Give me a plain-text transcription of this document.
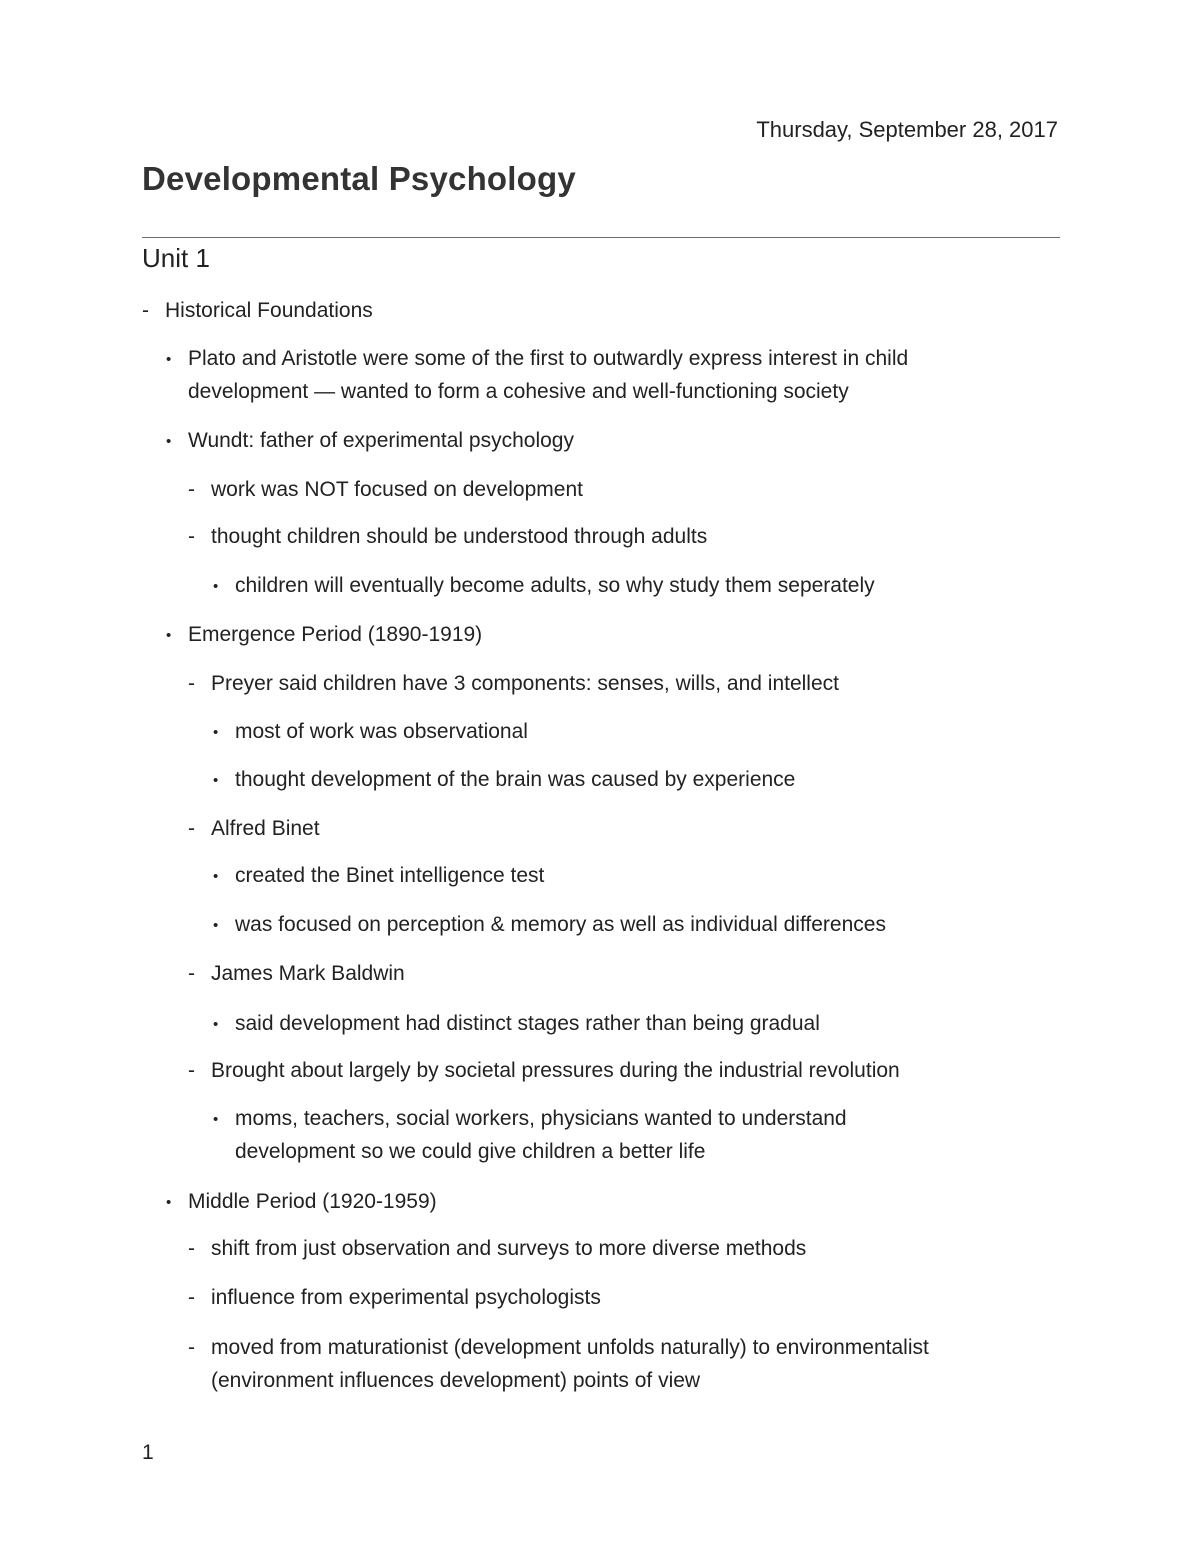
Thursday, September 28, 2017
Developmental Psychology
Unit 1
- Historical Foundations
• Plato and Aristotle were some of the first to outwardly express interest in child
development — wanted to form a cohesive and well-functioning society
• Wundt: father of experimental psychology
- work was NOT focused on development
- thought children should be understood through adults
• children will eventually become adults, so why study them seperately
• Emergence Period (1890-1919)
- Preyer said children have 3 components: senses, wills, and intellect
• most of work was observational
• thought development of the brain was caused by experience
- Alfred Binet
• created the Binet intelligence test
• was focused on perception & memory as well as individual differences
- James Mark Baldwin
• said development had distinct stages rather than being gradual
- Brought about largely by societal pressures during the industrial revolution
• moms, teachers, social workers, physicians wanted to understand
development so we could give children a better life
• Middle Period (1920-1959)
- shift from just observation and surveys to more diverse methods
- influence from experimental psychologists
- moved from maturationist (development unfolds naturally) to environmentalist
(environment influences development) points of view
1
